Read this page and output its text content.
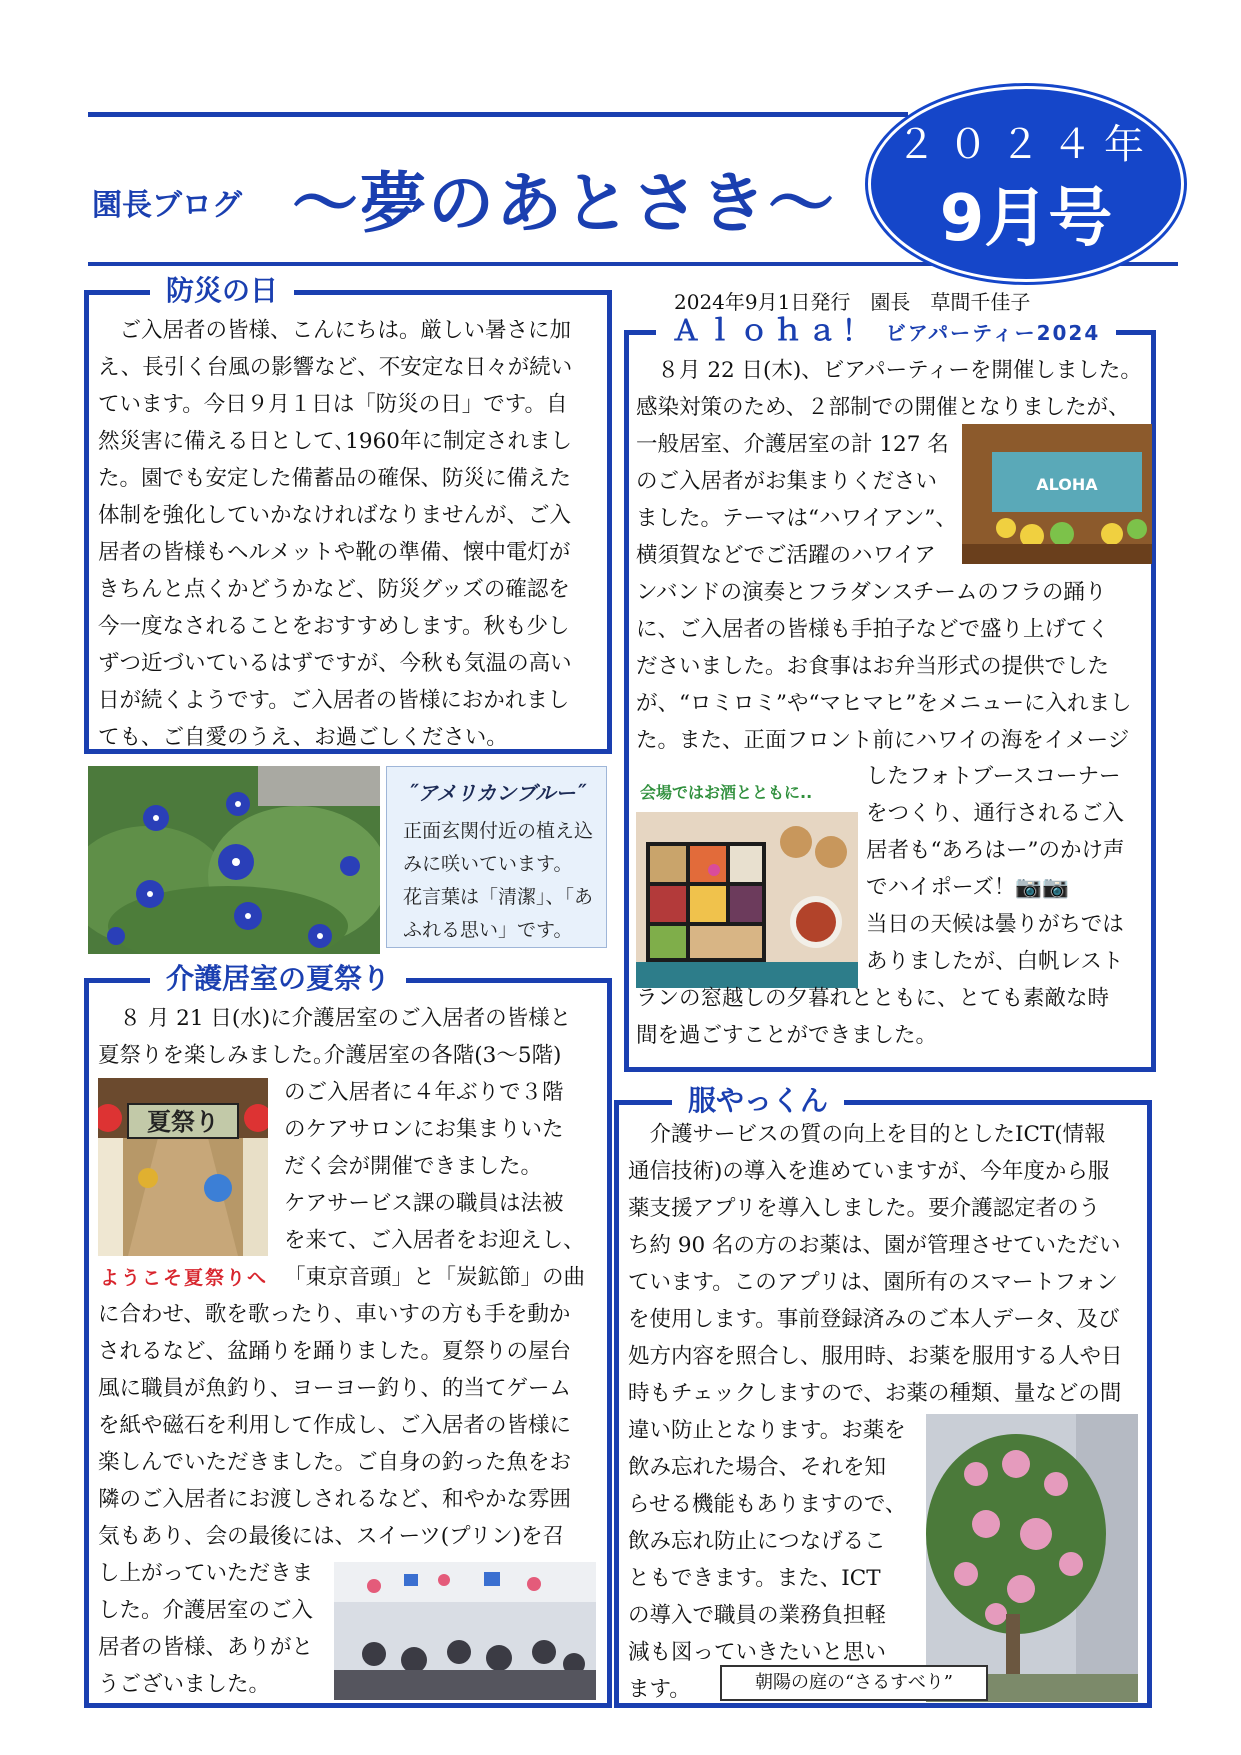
園長ブログ ～夢のあとさき～
２０２４年
9月号
防災の日
　ご入居者の皆様、こんにちは。厳しい暑さに加
え、長引く台風の影響など、不安定な日々が続い
ています。今日９月１日は「防災の日」です。自
然災害に備える日として､1960年に制定されまし
た。園でも安定した備蓄品の確保、防災に備えた
体制を強化していかなければなりませんが、ご入
居者の皆様もヘルメットや靴の準備、懐中電灯が
きちんと点くかどうかなど、防災グッズの確認を
今一度なされることをおすすめします。秋も少し
ずつ近づいているはずですが、今秋も気温の高い
日が続くようです。ご入居者の皆様におかれまし
ても、ご自愛のうえ、お過ごしください。
˝アメリカンブルー˝
正面玄関付近の植え込
みに咲いています。
花言葉は「清潔」、「あ
ふれる思い」です。
介護居室の夏祭り
　８ 月 21 日(水)に介護居室のご入居者の皆様と
夏祭りを楽しみました｡介護居室の各階(3～5階)
夏祭り
のご入居者に４年ぶりで３階
のケアサロンにお集まりいた
だく会が開催できました。
ケアサービス課の職員は法被
を来て、ご入居者をお迎えし、
ようこそ夏祭りへ 「東京音頭」と「炭鉱節」の曲
に合わせ、歌を歌ったり、車いすの方も手を動か
されるなど、盆踊りを踊りました。夏祭りの屋台
風に職員が魚釣り、ヨーヨー釣り、的当てゲーム
を紙や磁石を利用して作成し、ご入居者の皆様に
楽しんでいただきました。ご自身の釣った魚をお
隣のご入居者にお渡しされるなど、和やかな雰囲
気もあり、会の最後には、スイーツ(プリン)を召
し上がっていただきま
した。介護居室のご入
居者の皆様、ありがと
うございました。
2024年9月1日発行　園長　草間千佳子
Ａｌｏｈａ！ ビアパーティー2024
　８月 22 日(木)、ビアパーティーを開催しました。
感染対策のため、２部制での開催となりましたが、
一般居室、介護居室の計 127 名
のご入居者がお集まりください
ました。テーマは“ハワイアン”、
横須賀などでご活躍のハワイア
ALOHA
ンバンドの演奏とフラダンスチームのフラの踊り
に、ご入居者の皆様も手拍子などで盛り上げてく
ださいました。お食事はお弁当形式の提供でした
が、“ロミロミ”や“マヒマヒ”をメニューに入れまし
た。また、正面フロント前にハワイの海をイメージ
会場ではお酒とともに..
したフォトブースコーナー
をつくり、通行されるご入
居者も“あろはー”のかけ声
でハイポーズ！📷📷
当日の天候は曇りがちでは
ありましたが、白帆レスト
ランの窓越しの夕暮れとともに、とても素敵な時
間を過ごすことができました。
服やっくん
　介護サービスの質の向上を目的としたICT(情報
通信技術)の導入を進めていますが、今年度から服
薬支援アプリを導入しました。要介護認定者のう
ち約 90 名の方のお薬は、園が管理させていただい
ています。このアプリは、園所有のスマートフォン
を使用します。事前登録済みのご本人データ、及び
処方内容を照合し、服用時、お薬を服用する人や日
時もチェックしますので、お薬の種類、量などの間
違い防止となります。お薬を
飲み忘れた場合、それを知
らせる機能もありますので、
飲み忘れ防止につなげるこ
ともできます。また、ICT
の導入で職員の業務負担軽
減も図っていきたいと思い
ます。	朝陽の庭の“さるすべり”
